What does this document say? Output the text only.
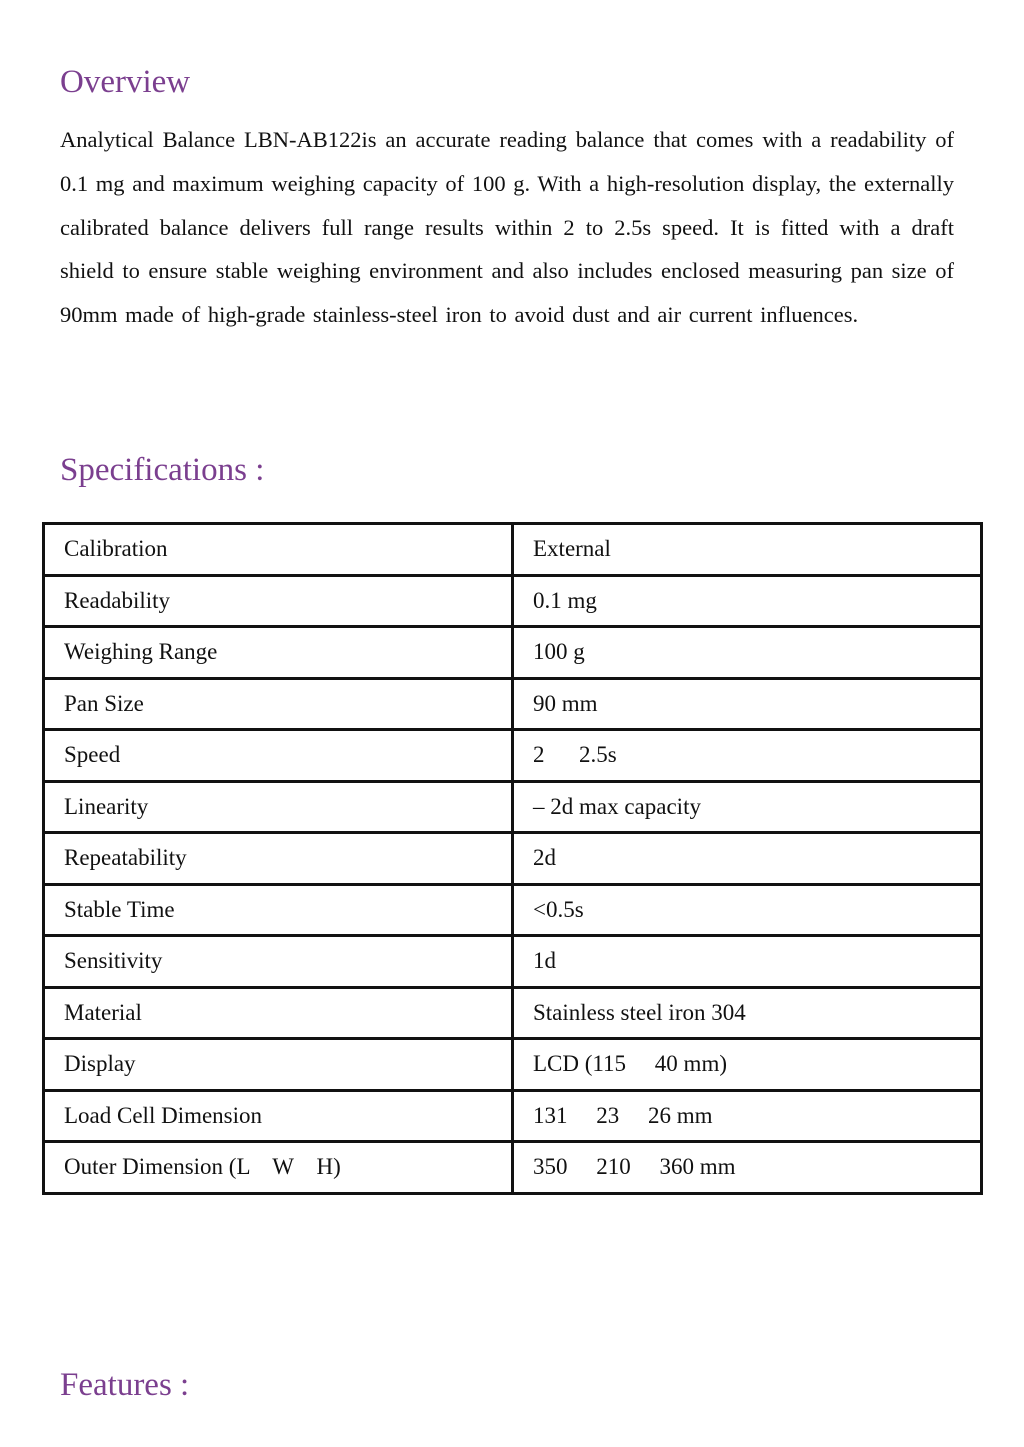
Overview

Analytical Balance LBN-AB122is an accurate reading balance that comes with a readability of 0.1 mg and maximum weighing capacity of 100 g. With a high-resolution display, the externally calibrated balance delivers full range results within 2 to 2.5s speed. It is fitted with a draft shield to ensure stable weighing environment and also includes enclosed measuring pan size of 90mm made of high-grade stainless-steel iron to avoid dust and air current influences.

Specifications :
Calibration	External
Readability	0.1 mg
Weighing Range	100 g
Pan Size	90 mm
Speed	2      2.5s
Linearity	– 2d max capacity
Repeatability	2d
Stable Time	<0.5s
Sensitivity	1d
Material	Stainless steel iron 304
Display	LCD (115     40 mm)
Load Cell Dimension	131     23     26 mm
Outer Dimension (L    W    H)	350     210     360 mm
Features :
